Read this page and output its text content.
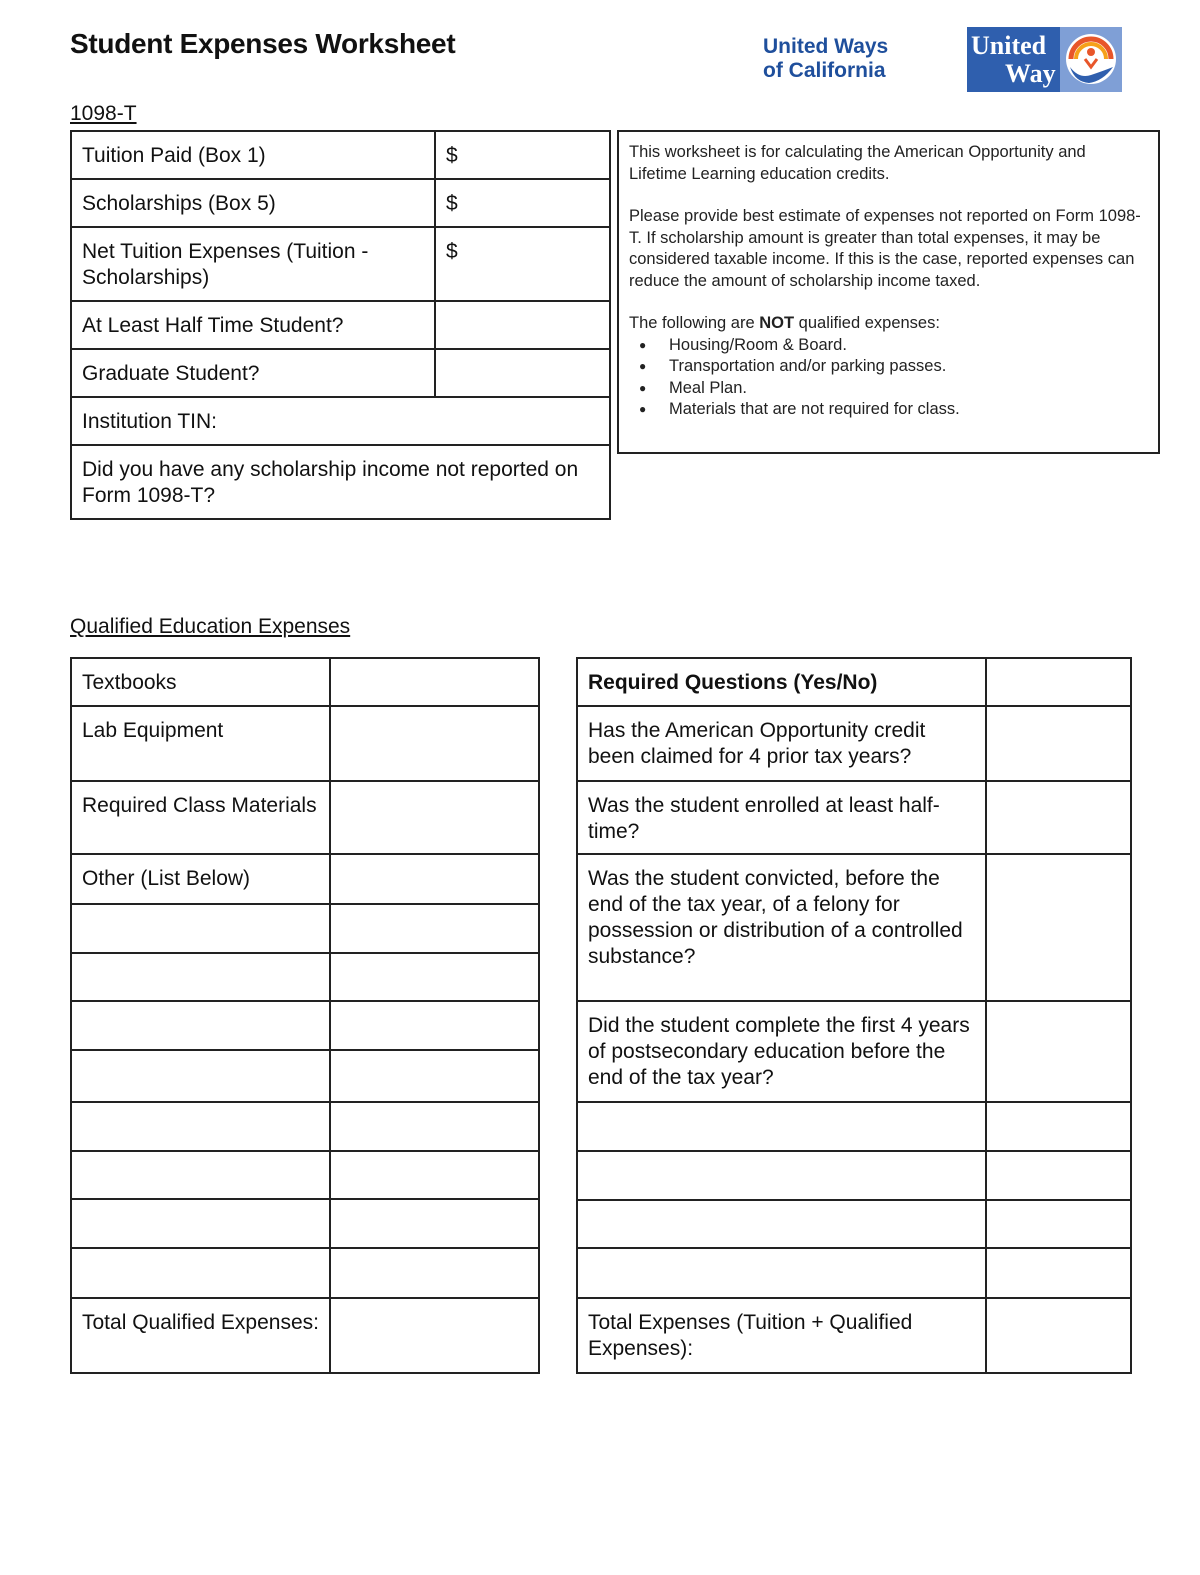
Student Expenses Worksheet	United Ways
of California
United
Way
1098-T
Tuition Paid (Box 1)	$
Scholarships (Box 5)	$
Net Tuition Expenses (Tuition - Scholarships)	$
At Least Half Time Student?	
Graduate Student?	
Institution TIN:	
Did you have any scholarship income not reported on Form 1098-T?	

This worksheet is for calculating the American Opportunity and Lifetime Learning education credits.

Please provide best estimate of expenses not reported on Form 1098-T. If scholarship amount is greater than total expenses, it may be considered taxable income. If this is the case, reported expenses can reduce the amount of scholarship income taxed.

The following are NOT qualified expenses:
● Housing/Room & Board.
● Transportation and/or parking passes.
● Meal Plan.
● Materials that are not required for class.
Qualified Education Expenses
Textbooks	
Lab Equipment	
Required Class Materials	
Other (List Below)	

Total Qualified Expenses:	
Required Questions (Yes/No)	
Has the American Opportunity credit been claimed for 4 prior tax years?	
Was the student enrolled at least half-time?	
Was the student convicted, before the end of the tax year, of a felony for possession or distribution of a controlled substance?	
Did the student complete the first 4 years of postsecondary education before the end of the tax year?	

Total Expenses (Tuition + Qualified Expenses):	
